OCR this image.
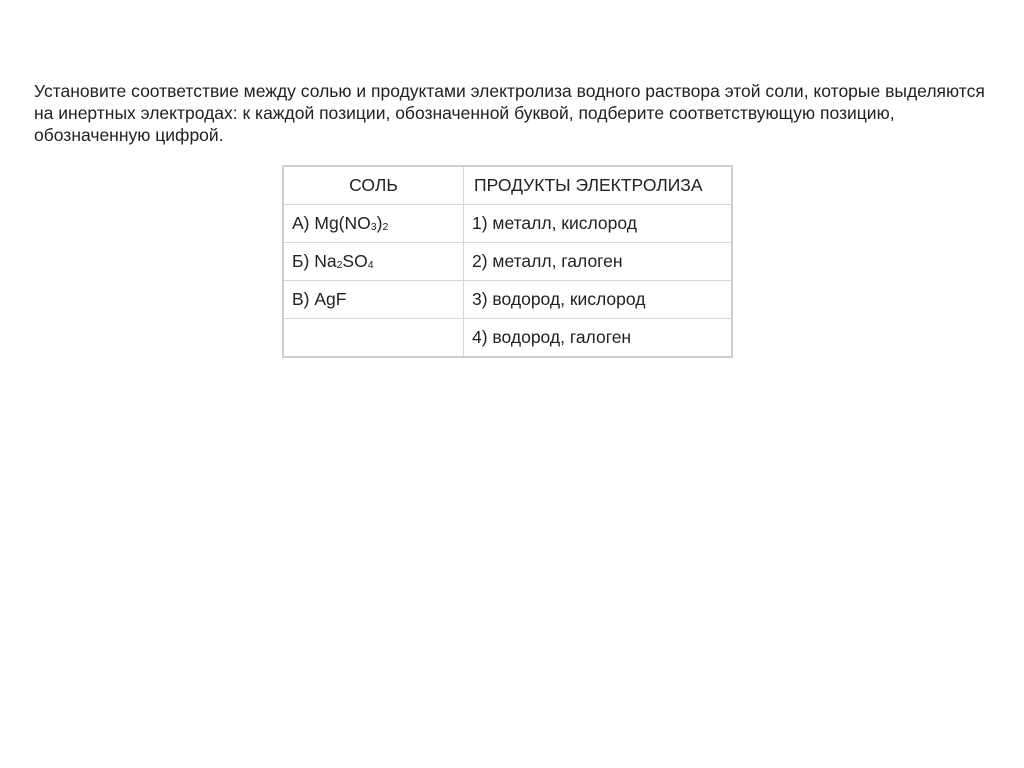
Установите соответствие между солью и продуктами электролиза водного раствора этой соли, которые выделяются на инертных электродах: к каждой позиции, обозначенной буквой, подберите соответствующую позицию, обозначенную цифрой.

СОЛЬ	ПРОДУКТЫ ЭЛЕКТРОЛИЗА
А) $Mg(NO_3)_2$	1) металл, кислород
Б) $Na_2SO_4$	2) металл, галоген
В) AgF	3) водород, кислород
	4) водород, галоген
